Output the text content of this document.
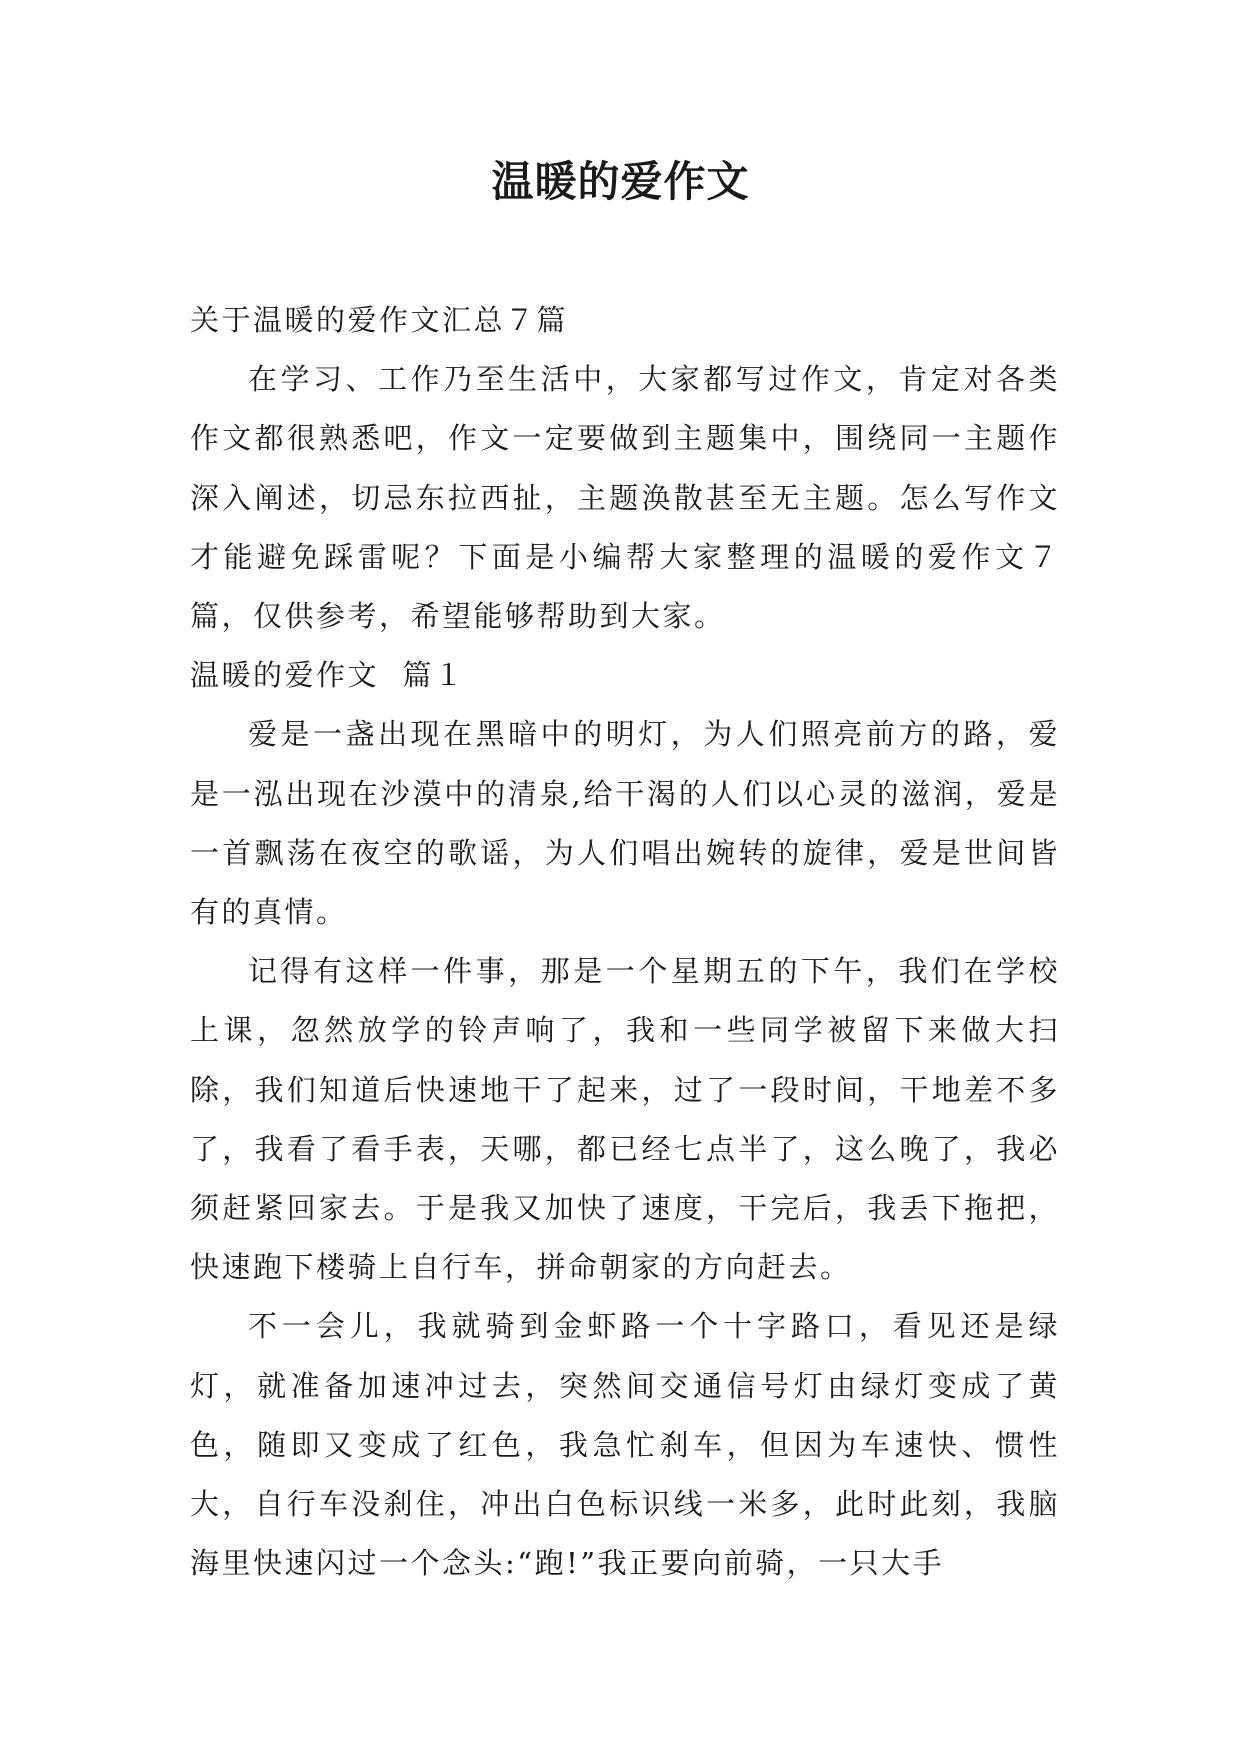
温暖的爱作文

关于温暖的爱作文汇总７篇

在学习、工作乃至生活中，大家都写过作文，肯定对各类作文都很熟悉吧，作文一定要做到主题集中，围绕同一主题作深入阐述，切忌东拉西扯，主题涣散甚至无主题。怎么写作文才能避免踩雷呢？下面是小编帮大家整理的温暖的爱作文７篇，仅供参考，希望能够帮助到大家。

温暖的爱作文  篇１

爱是一盏出现在黑暗中的明灯，为人们照亮前方的路，爱是一泓出现在沙漠中的清泉,给干渴的人们以心灵的滋润，爱是一首飘荡在夜空的歌谣，为人们唱出婉转的旋律，爱是世间皆有的真情。

记得有这样一件事，那是一个星期五的下午，我们在学校上课，忽然放学的铃声响了，我和一些同学被留下来做大扫除，我们知道后快速地干了起来，过了一段时间，干地差不多了，我看了看手表，天哪，都已经七点半了，这么晚了，我必须赶紧回家去。于是我又加快了速度，干完后，我丢下拖把，快速跑下楼骑上自行车，拼命朝家的方向赶去。

不一会儿，我就骑到金虾路一个十字路口，看见还是绿灯，就准备加速冲过去，突然间交通信号灯由绿灯变成了黄色，随即又变成了红色，我急忙刹车，但因为车速快、惯性大，自行车没刹住，冲出白色标识线一米多，此时此刻，我脑海里快速闪过一个念头:“跑!”我正要向前骑，一只大手
